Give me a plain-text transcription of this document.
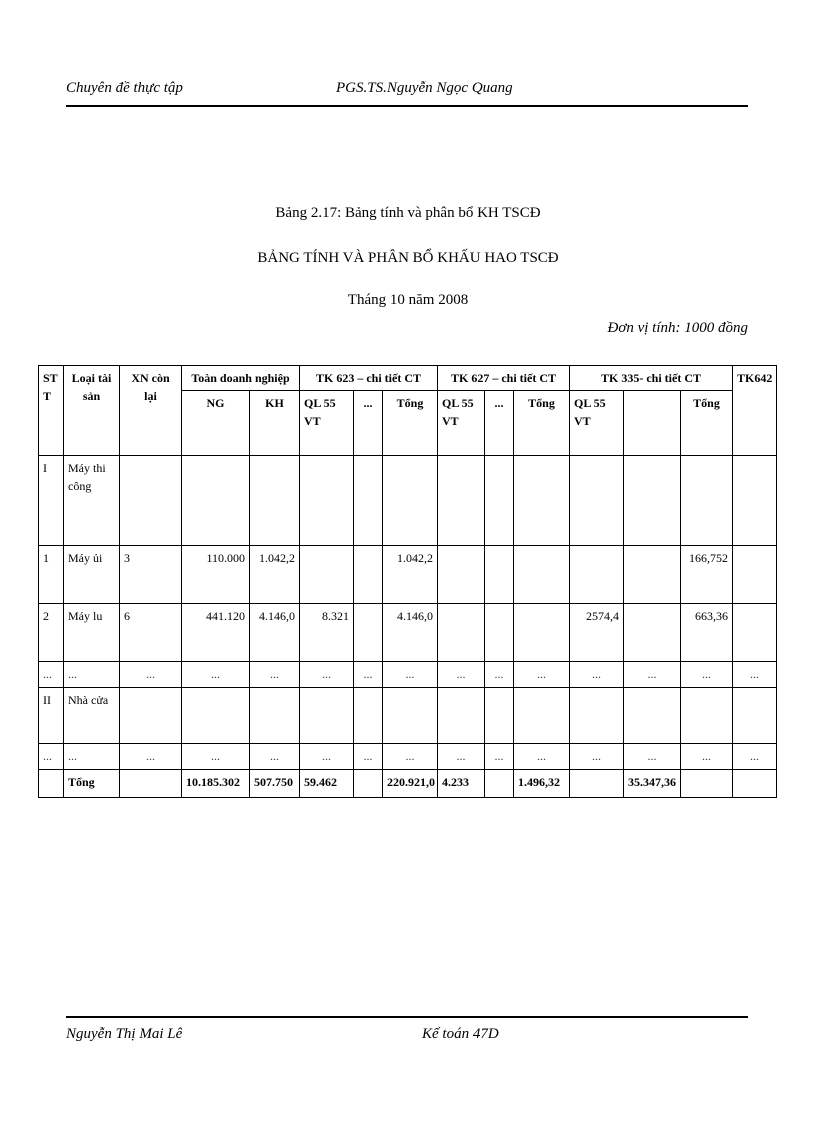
Chuyên đề thực tập	PGS.TS.Nguyễn Ngọc Quang
Bảng 2.17: Bảng tính và phân bổ KH TSCĐ
BẢNG TÍNH VÀ PHÂN BỔ KHẤU HAO TSCĐ
Tháng 10 năm 2008
Đơn vị tính: 1000 đồng
ST T	Loại tài sản	XN còn lại	Toàn doanh nghiệp		TK 623 – chi tiết CT			TK 627 – chi tiết CT			TK 335- chi tiết CT			TK642
			NG	KH	QL 55 VT	...	Tổng	QL 55 VT	...	Tổng	QL 55 VT		Tổng	
I	Máy thi công													
1	Máy ủi	3	110.000	1.042,2			1.042,2						166,752	
2	Máy lu	6	441.120	4.146,0	8.321		4.146,0				2574,4		663,36	
...	...	...	...	...	...	...	...	...	...	...	...	...	...	...
II	Nhà cửa													
...	...	...	...	...	...	...	...	...	...	...	...	...	...	...
	Tổng		10.185.302	507.750	59.462		220.921,0	4.233		1.496,32		35.347,36		
Nguyễn Thị Mai Lê	Kế toán 47D
